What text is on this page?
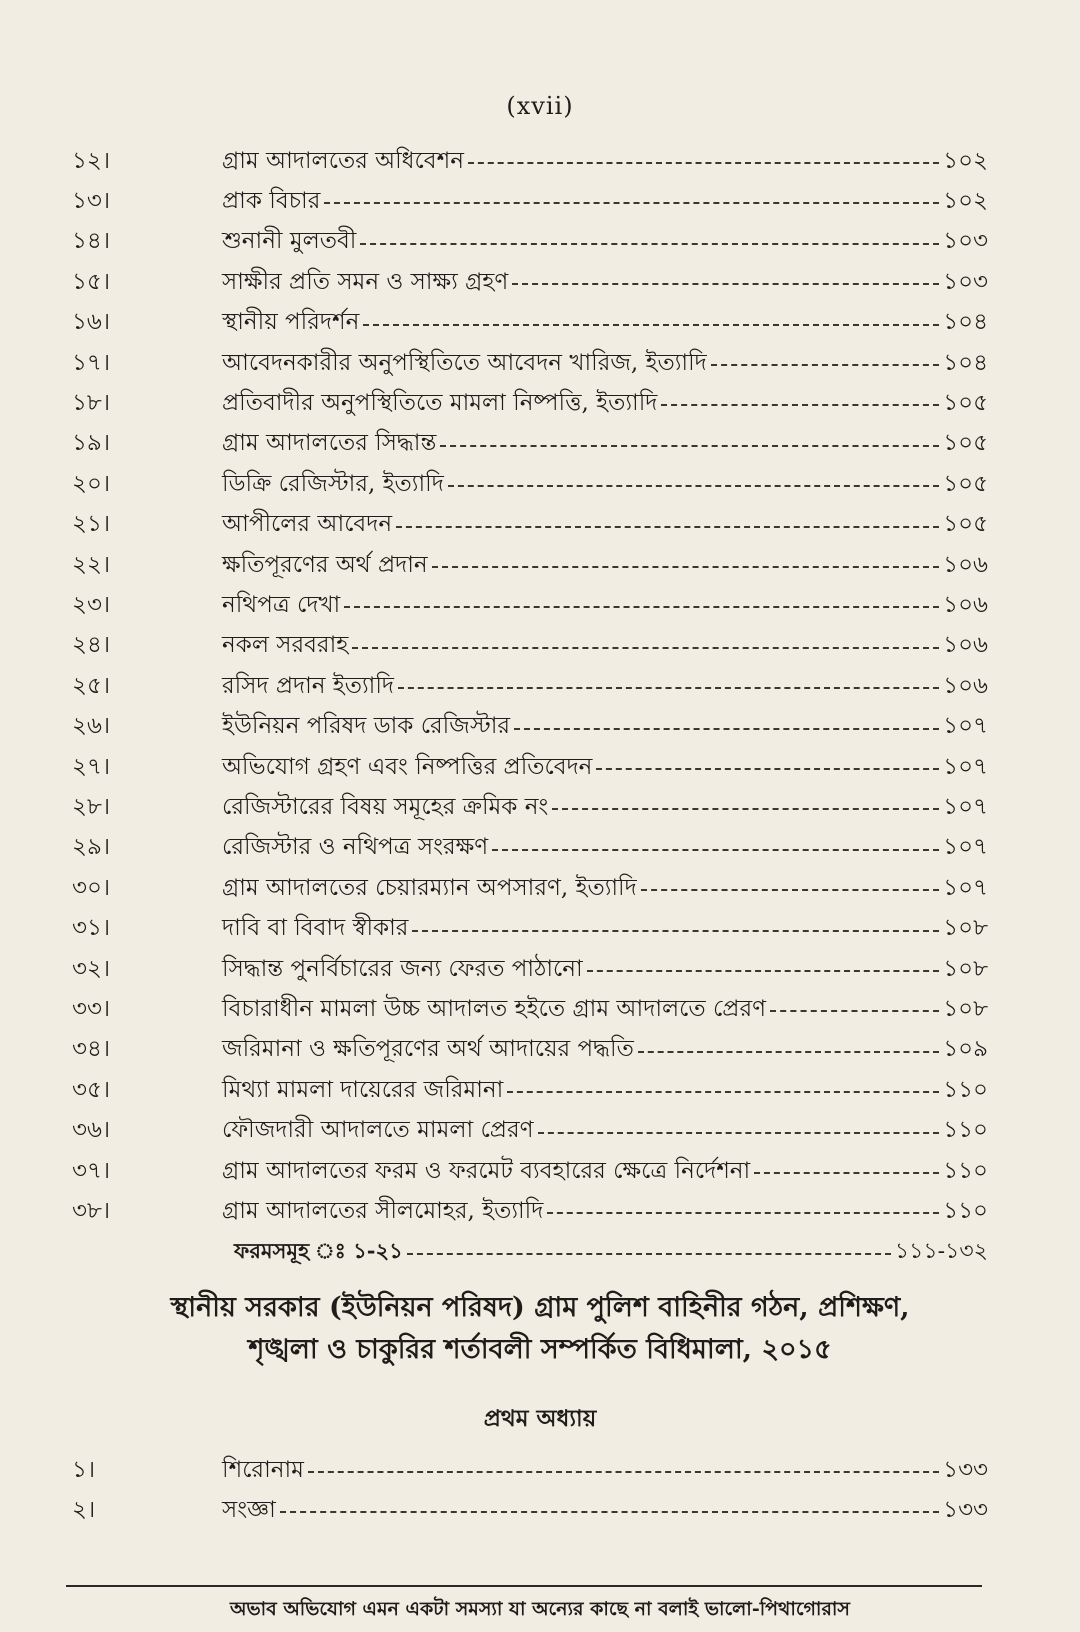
(xvii)
১২।	গ্রাম আদালতের অধিবেশন	১০২
১৩।	প্রাক বিচার	১০২
১৪।	শুনানী মুলতবী	১০৩
১৫।	সাক্ষীর প্রতি সমন ও সাক্ষ্য গ্রহণ	১০৩
১৬।	স্থানীয় পরিদর্শন	১০৪
১৭।	আবেদনকারীর অনুপস্থিতিতে আবেদন খারিজ, ইত্যাদি	১০৪
১৮।	প্রতিবাদীর অনুপস্থিতিতে মামলা নিষ্পত্তি, ইত্যাদি	১০৫
১৯।	গ্রাম আদালতের সিদ্ধান্ত	১০৫
২০।	ডিক্রি রেজিস্টার, ইত্যাদি	১০৫
২১।	আপীলের আবেদন	১০৫
২২।	ক্ষতিপূরণের অর্থ প্রদান	১০৬
২৩।	নথিপত্র দেখা	১০৬
২৪।	নকল সরবরাহ	১০৬
২৫।	রসিদ প্রদান ইত্যাদি	১০৬
২৬।	ইউনিয়ন পরিষদ ডাক রেজিস্টার	১০৭
২৭।	অভিযোগ গ্রহণ এবং নিষ্পত্তির প্রতিবেদন	১০৭
২৮।	রেজিস্টারের বিষয় সমূহের ক্রমিক নং	১০৭
২৯।	রেজিস্টার ও নথিপত্র সংরক্ষণ	১০৭
৩০।	গ্রাম আদালতের চেয়ারম্যান অপসারণ, ইত্যাদি	১০৭
৩১।	দাবি বা বিবাদ স্বীকার	১০৮
৩২।	সিদ্ধান্ত পুনর্বিচারের জন্য ফেরত পাঠানো	১০৮
৩৩।	বিচারাধীন মামলা উচ্চ আদালত হইতে গ্রাম আদালতে প্রেরণ	১০৮
৩৪।	জরিমানা ও ক্ষতিপূরণের অর্থ আদায়ের পদ্ধতি	১০৯
৩৫।	মিথ্যা মামলা দায়েরের জরিমানা	১১০
৩৬।	ফৌজদারী আদালতে মামলা প্রেরণ	১১০
৩৭।	গ্রাম আদালতের ফরম ও ফরমেট ব্যবহারের ক্ষেত্রে নির্দেশনা	১১০
৩৮।	গ্রাম আদালতের সীলমোহর, ইত্যাদি	১১০
ফরমসমূহ ঃ ১-২১	১১১-১৩২
স্থানীয় সরকার (ইউনিয়ন পরিষদ) গ্রাম পুলিশ বাহিনীর গঠন, প্রশিক্ষণ,
শৃঙ্খলা ও চাকুরির শর্তাবলী সম্পর্কিত বিধিমালা, ২০১৫
প্রথম অধ্যায়
১।	শিরোনাম	১৩৩
২।	সংজ্ঞা	১৩৩
অভাব অভিযোগ এমন একটা সমস্যা যা অন্যের কাছে না বলাই ভালো-পিথাগোরাস
